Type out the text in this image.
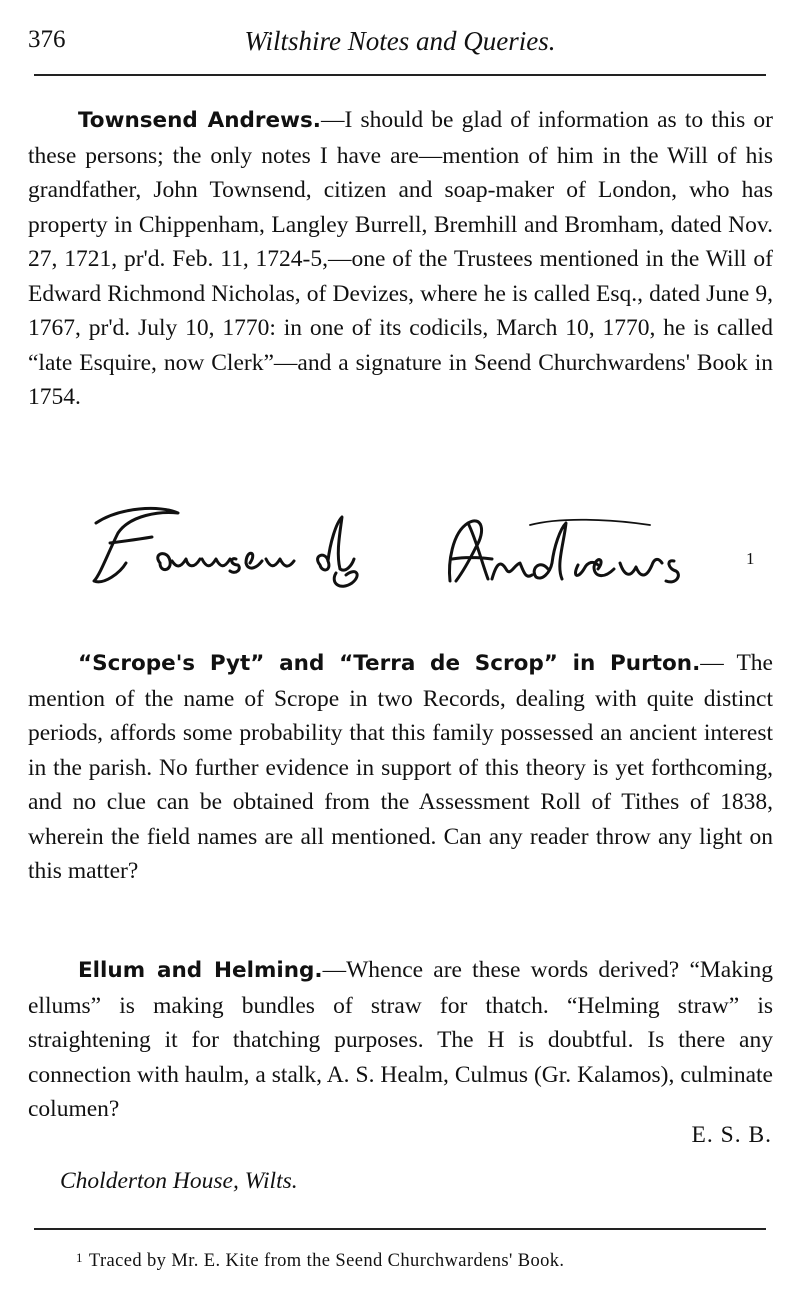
376	Wiltshire Notes and Queries.

Townsend Andrews.—I should be glad of information as to this or these persons; the only notes I have are—mention of him in the Will of his grandfather, John Townsend, citizen and soap-maker of London, who has property in Chippenham, Langley Burrell, Bremhill and Bromham, dated Nov. 27, 1721, pr'd. Feb. 11, 1724-5,—one of the Trustees mentioned in the Will of Edward Richmond Nicholas, of Devizes, where he is called Esq., dated June 9, 1767, pr'd. July 10, 1770: in one of its codicils, March 10, 1770, he is called “late Esquire, now Clerk”—and a signature in Seend Churchwardens' Book in 1754.

1

“Scrope's Pyt” and “Terra de Scrop” in Purton.— The mention of the name of Scrope in two Records, dealing with quite distinct periods, affords some probability that this family possessed an ancient interest in the parish. No further evidence in support of this theory is yet forthcoming, and no clue can be obtained from the Assessment Roll of Tithes of 1838, wherein the field names are all mentioned. Can any reader throw any light on this matter?

Ellum and Helming.—Whence are these words derived? “Making ellums” is making bundles of straw for thatch. “Helming straw” is straightening it for thatching purposes. The H is doubtful. Is there any connection with haulm, a stalk, A. S. Healm, Culmus (Gr. Kalamos), culminate columen?

E. S. B.
Cholderton House, Wilts.
$^1$ Traced by Mr. E. Kite from the Seend Churchwardens' Book.
